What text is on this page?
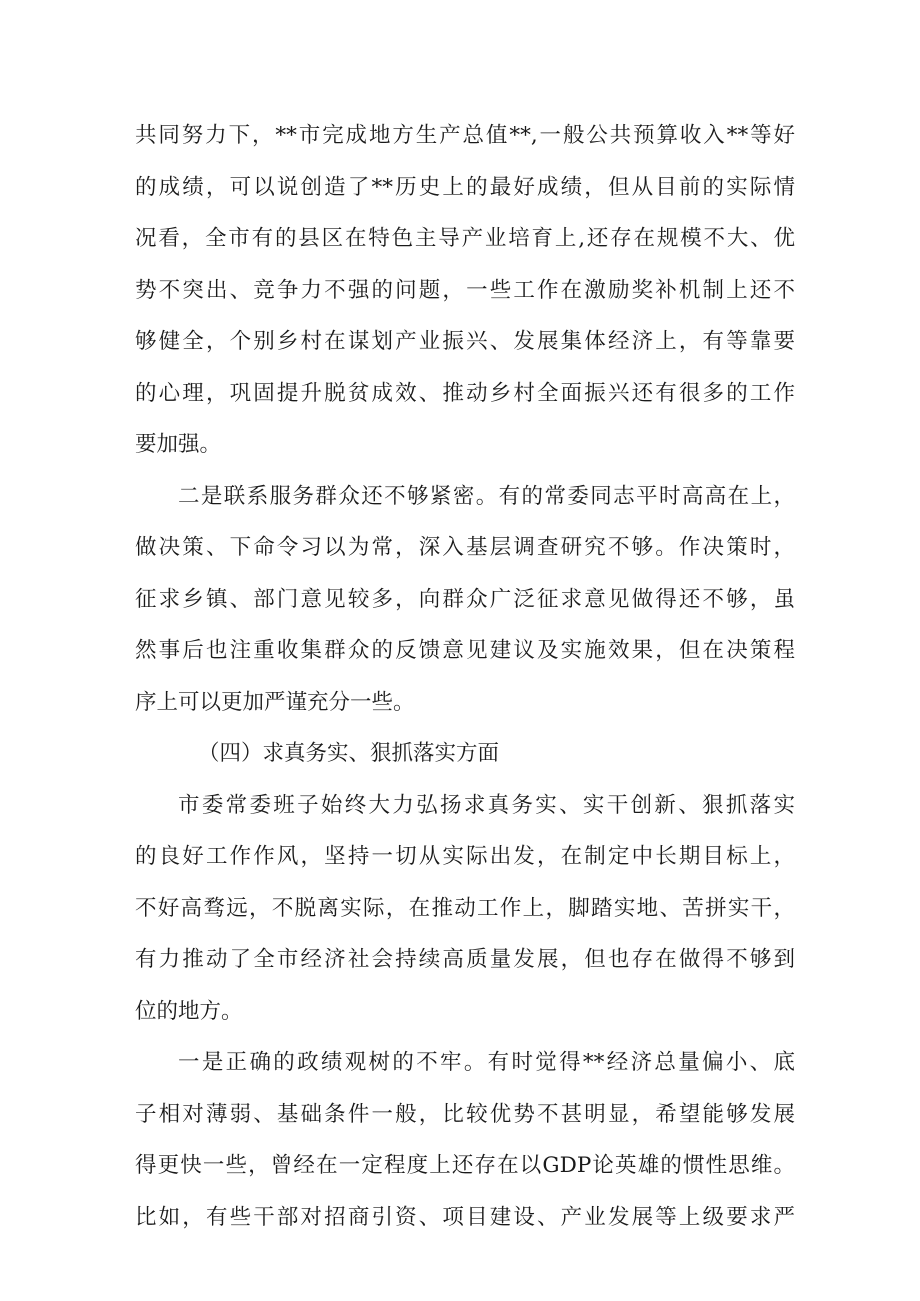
共同努力下，**市完成地方生产总值**,一般公共预算收入**等好
的成绩，可以说创造了**历史上的最好成绩，但从目前的实际情
况看，全市有的县区在特色主导产业培育上,还存在规模不大、优
势不突出、竞争力不强的问题，一些工作在激励奖补机制上还不
够健全，个别乡村在谋划产业振兴、发展集体经济上，有等靠要
的心理，巩固提升脱贫成效、推动乡村全面振兴还有很多的工作
要加强。
二是联系服务群众还不够紧密。有的常委同志平时高高在上，
做决策、下命令习以为常，深入基层调查研究不够。作决策时，
征求乡镇、部门意见较多，向群众广泛征求意见做得还不够，虽
然事后也注重收集群众的反馈意见建议及实施效果，但在决策程
序上可以更加严谨充分一些。
（四）求真务实、狠抓落实方面
市委常委班子始终大力弘扬求真务实、实干创新、狠抓落实
的良好工作作风，坚持一切从实际出发，在制定中长期目标上，
不好高骛远，不脱离实际，在推动工作上，脚踏实地、苦拼实干，
有力推动了全市经济社会持续高质量发展，但也存在做得不够到
位的地方。
一是正确的政绩观树的不牢。有时觉得**经济总量偏小、底
子相对薄弱、基础条件一般，比较优势不甚明显，希望能够发展
得更快一些，曾经在一定程度上还存在以GDP论英雄的惯性思维。
比如，有些干部对招商引资、项目建设、产业发展等上级要求严
